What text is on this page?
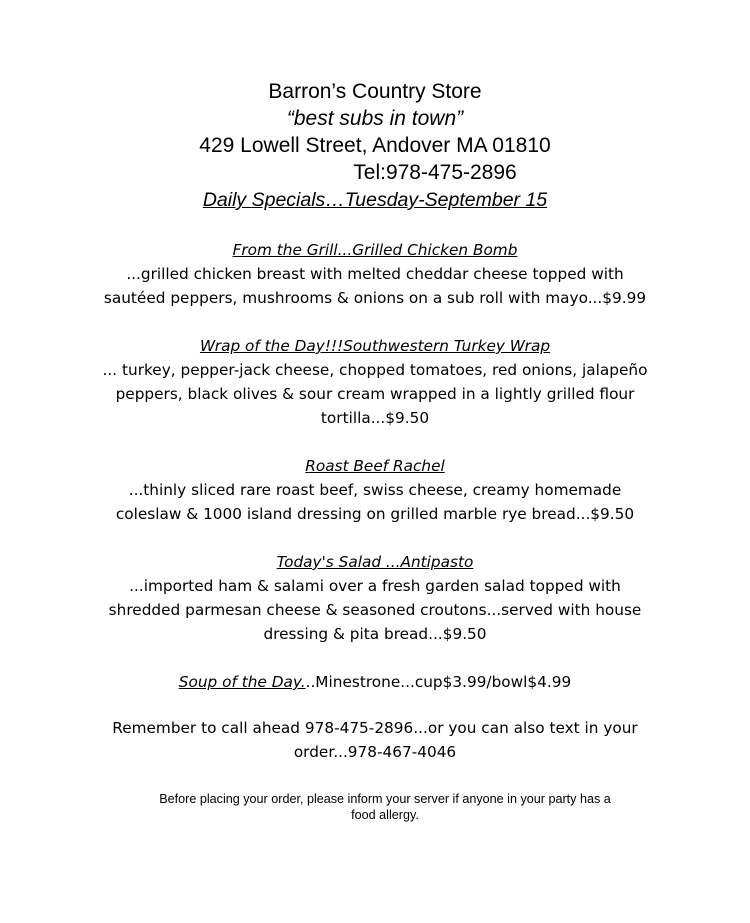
Barron’s Country Store
“best subs in town”
429 Lowell Street, Andover MA 01810
Tel:978-475-2896
Daily Specials…Tuesday-September 15
From the Grill...Grilled Chicken Bomb
...grilled chicken breast with melted cheddar cheese topped with
sautéed peppers, mushrooms & onions on a sub roll with mayo...$9.99
Wrap of the Day!!!Southwestern Turkey Wrap
... turkey, pepper-jack cheese, chopped tomatoes, red onions, jalapeño
peppers, black olives & sour cream wrapped in a lightly grilled flour
tortilla...$9.50
Roast Beef Rachel
...thinly sliced rare roast beef, swiss cheese, creamy homemade
coleslaw & 1000 island dressing on grilled marble rye bread...$9.50
Today's Salad ...Antipasto
...imported ham & salami over a fresh garden salad topped with
shredded parmesan cheese & seasoned croutons...served with house
dressing & pita bread...$9.50
Soup of the Day...Minestrone...cup$3.99/bowl$4.99
Remember to call ahead 978-475-2896...or you can also text in your
order...978-467-4046
Before placing your order, please inform your server if anyone in your party has a
food allergy.
